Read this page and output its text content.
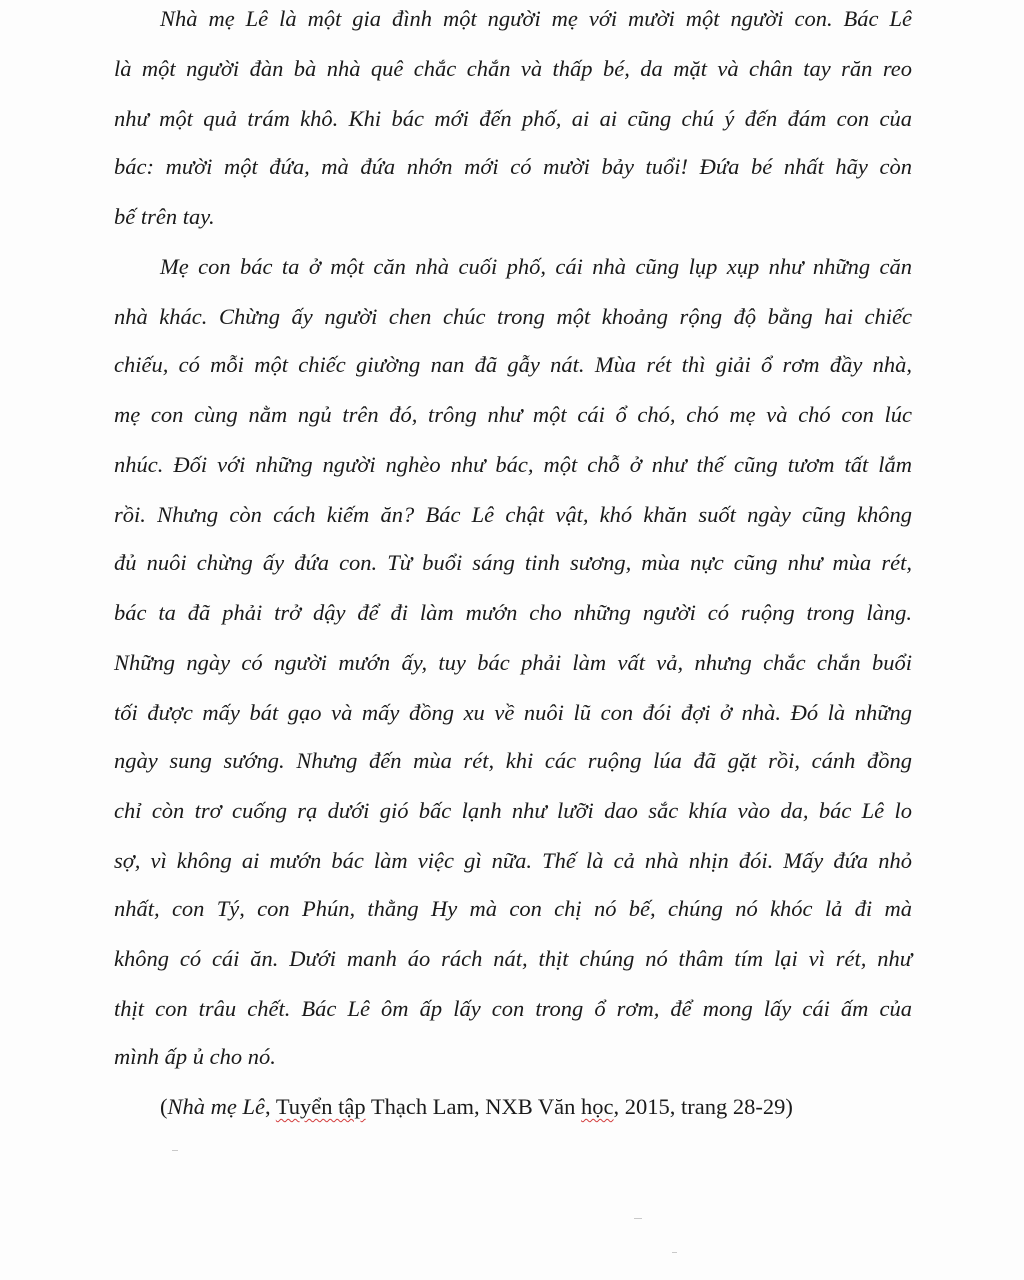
Nhà mẹ Lê là một gia đình một người mẹ với mười một người con. Bác Lê
là một người đàn bà nhà quê chắc chắn và thấp bé, da mặt và chân tay răn reo
như một quả trám khô. Khi bác mới đến phố, ai ai cũng chú ý đến đám con của
bác: mười một đứa, mà đứa nhớn mới có mười bảy tuổi! Đứa bé nhất hãy còn
bế trên tay.
Mẹ con bác ta ở một căn nhà cuối phố, cái nhà cũng lụp xụp như những căn
nhà khác. Chừng ấy người chen chúc trong một khoảng rộng độ bằng hai chiếc
chiếu, có mỗi một chiếc giường nan đã gẫy nát. Mùa rét thì giải ổ rơm đầy nhà,
mẹ con cùng nằm ngủ trên đó, trông như một cái ổ chó, chó mẹ và chó con lúc
nhúc. Đối với những người nghèo như bác, một chỗ ở như thế cũng tươm tất lắm
rồi. Nhưng còn cách kiếm ăn? Bác Lê chật vật, khó khăn suốt ngày cũng không
đủ nuôi chừng ấy đứa con. Từ buổi sáng tinh sương, mùa nực cũng như mùa rét,
bác ta đã phải trở dậy để đi làm mướn cho những người có ruộng trong làng.
Những ngày có người mướn ấy, tuy bác phải làm vất vả, nhưng chắc chắn buổi
tối được mấy bát gạo và mấy đồng xu về nuôi lũ con đói đợi ở nhà. Đó là những
ngày sung sướng. Nhưng đến mùa rét, khi các ruộng lúa đã gặt rồi, cánh đồng
chỉ còn trơ cuống rạ dưới gió bấc lạnh như lưỡi dao sắc khía vào da, bác Lê lo
sợ, vì không ai mướn bác làm việc gì nữa. Thế là cả nhà nhịn đói. Mấy đứa nhỏ
nhất, con Tý, con Phún, thằng Hy mà con chị nó bế, chúng nó khóc lả đi mà
không có cái ăn. Dưới manh áo rách nát, thịt chúng nó thâm tím lại vì rét, như
thịt con trâu chết. Bác Lê ôm ấp lấy con trong ổ rơm, để mong lấy cái ấm của
mình ấp ủ cho nó.
(Nhà mẹ Lê, Tuyển tập Thạch Lam, NXB Văn học, 2015, trang 28-29)
